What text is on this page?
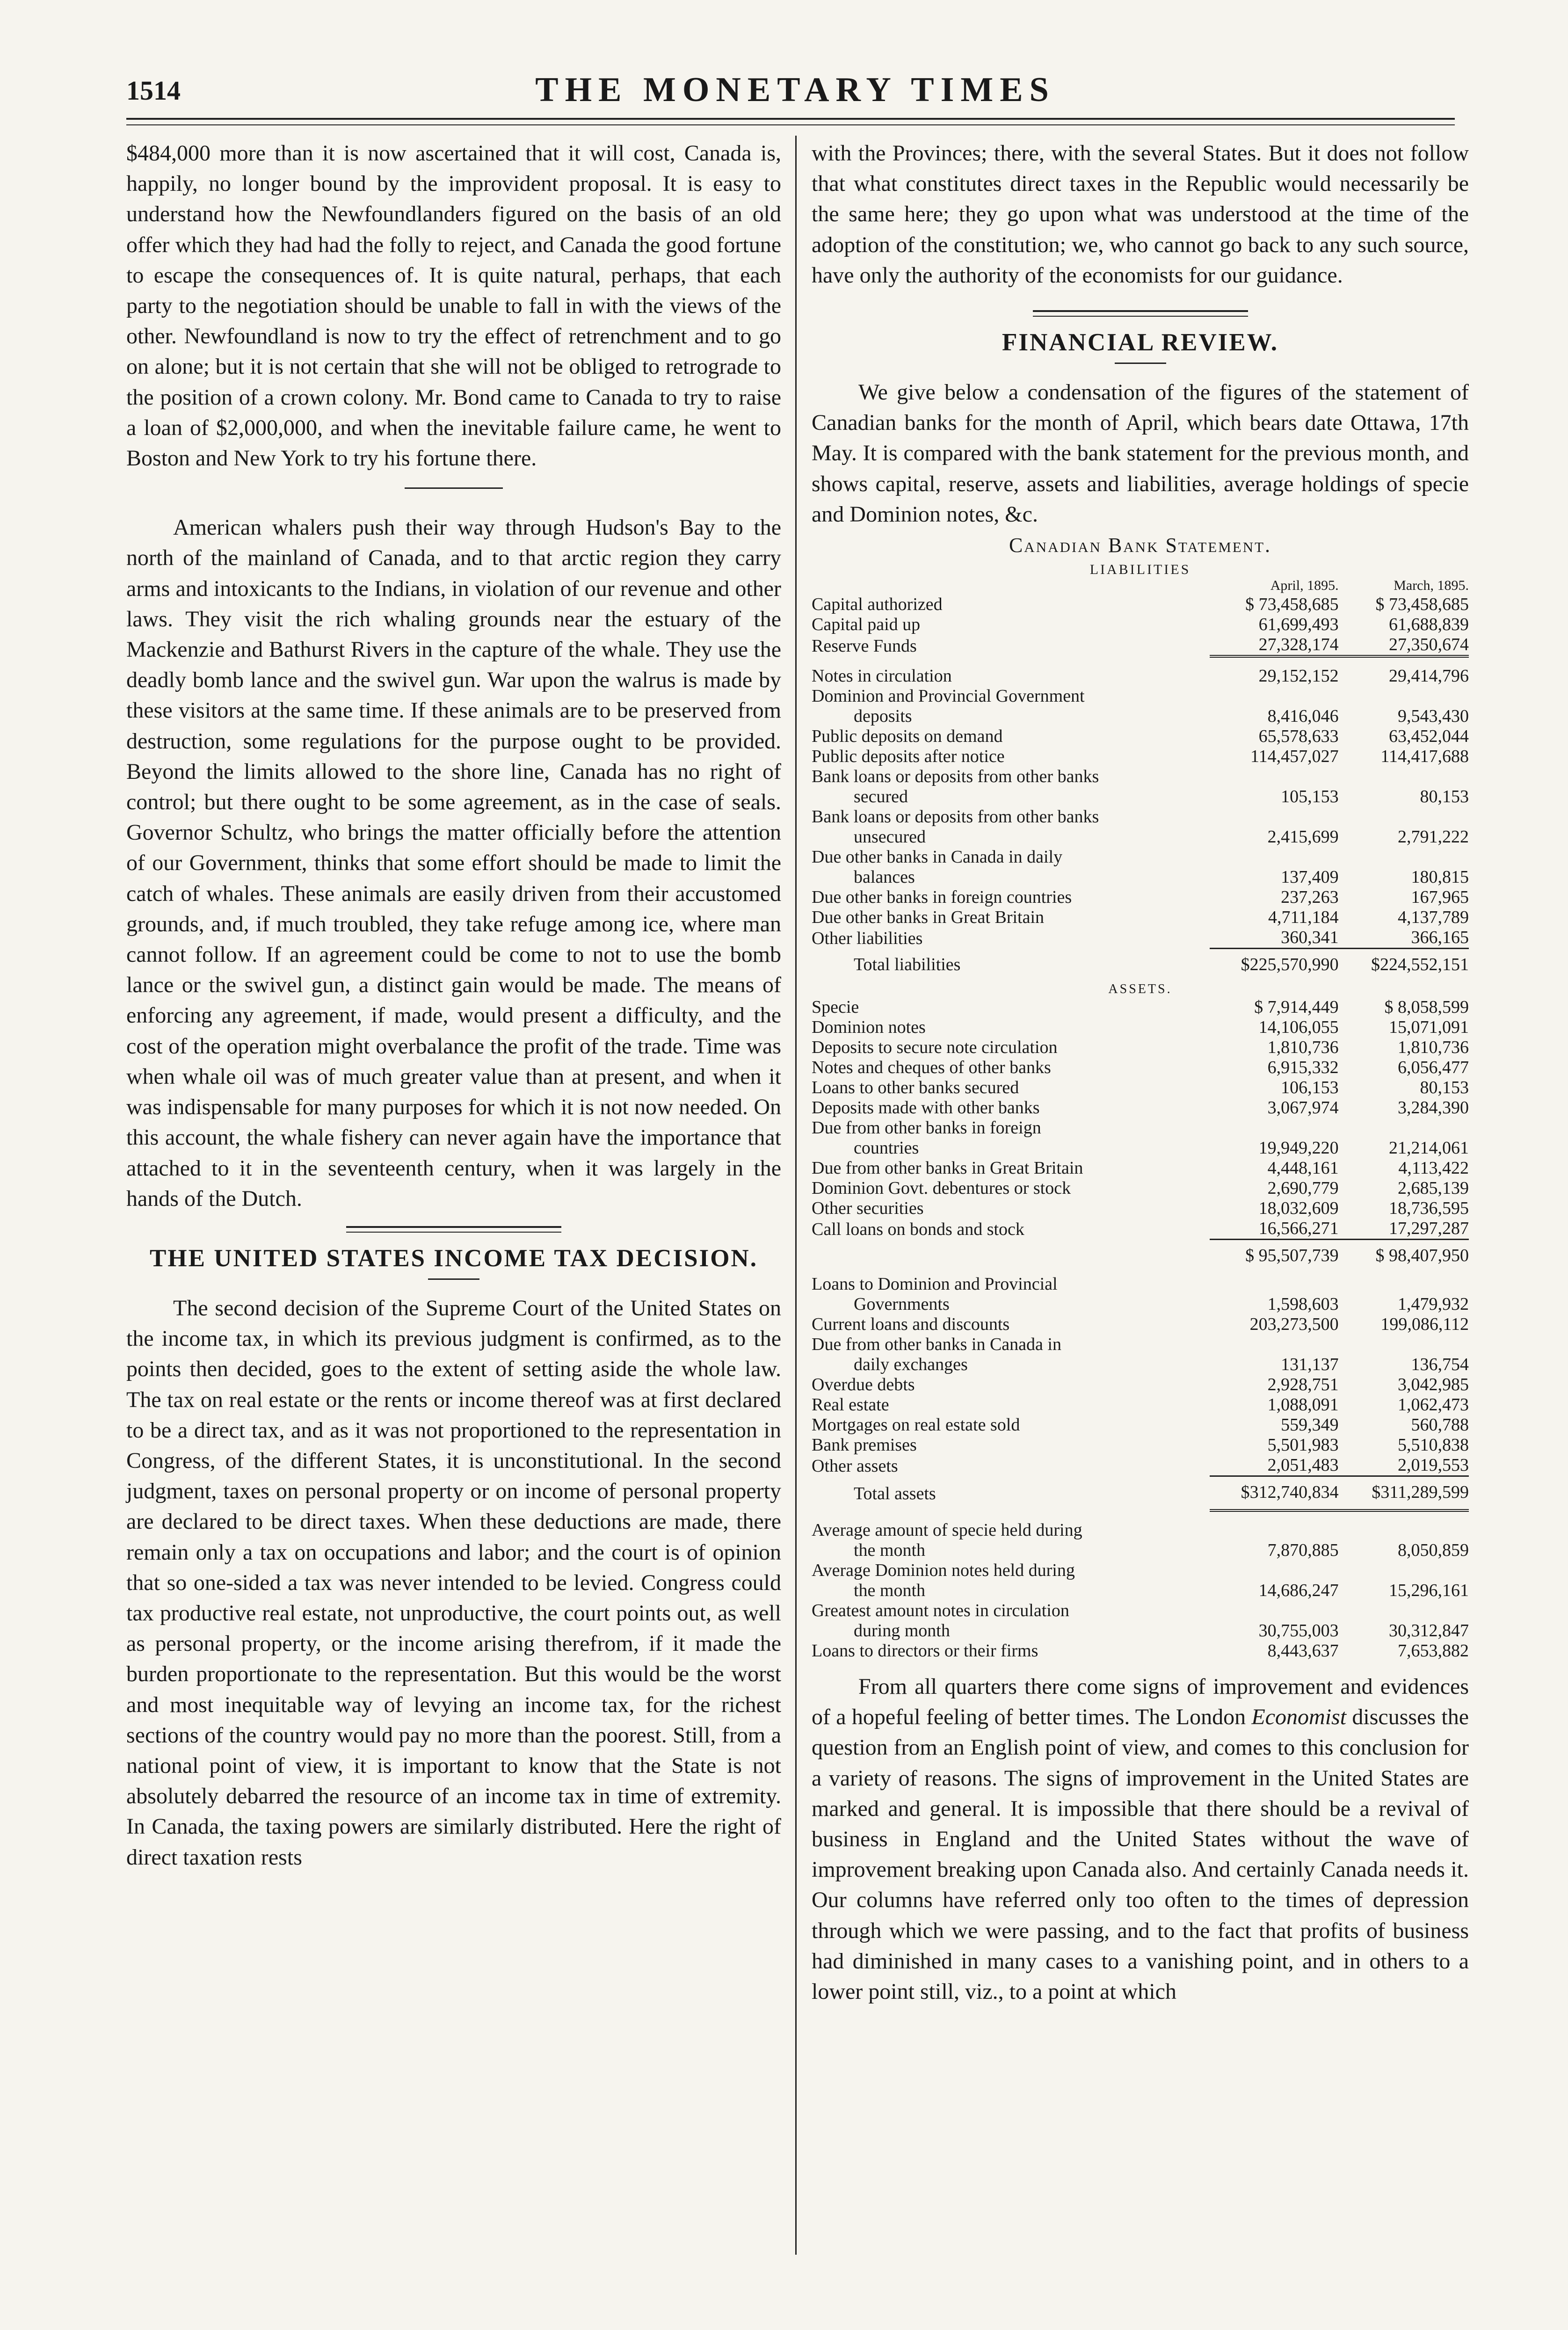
1514	THE MONETARY TIMES

$484,000 more than it is now ascertained that it will cost, Canada is, happily, no longer bound by the improvident proposal. It is easy to understand how the Newfoundlanders figured on the basis of an old offer which they had had the folly to reject, and Canada the good fortune to escape the consequences of. It is quite natural, perhaps, that each party to the negotiation should be unable to fall in with the views of the other. Newfoundland is now to try the effect of retrenchment and to go on alone; but it is not certain that she will not be obliged to retrograde to the position of a crown colony. Mr. Bond came to Canada to try to raise a loan of $2,000,000, and when the inevitable failure came, he went to Boston and New York to try his fortune there.

American whalers push their way through Hudson's Bay to the north of the mainland of Canada, and to that arctic region they carry arms and intoxicants to the Indians, in violation of our revenue and other laws. They visit the rich whaling grounds near the estuary of the Mackenzie and Bathurst Rivers in the capture of the whale. They use the deadly bomb lance and the swivel gun. War upon the walrus is made by these visitors at the same time. If these animals are to be preserved from destruction, some regulations for the purpose ought to be provided. Beyond the limits allowed to the shore line, Canada has no right of control; but there ought to be some agreement, as in the case of seals. Governor Schultz, who brings the matter officially before the attention of our Government, thinks that some effort should be made to limit the catch of whales. These animals are easily driven from their accustomed grounds, and, if much troubled, they take refuge among ice, where man cannot follow. If an agreement could be come to not to use the bomb lance or the swivel gun, a distinct gain would be made. The means of enforcing any agreement, if made, would present a difficulty, and the cost of the operation might overbalance the profit of the trade. Time was when whale oil was of much greater value than at present, and when it was indispensable for many purposes for which it is not now needed. On this account, the whale fishery can never again have the importance that attached to it in the seventeenth century, when it was largely in the hands of the Dutch.

THE UNITED STATES INCOME TAX DECISION.

The second decision of the Supreme Court of the United States on the income tax, in which its previous judgment is confirmed, as to the points then decided, goes to the extent of setting aside the whole law. The tax on real estate or the rents or income thereof was at first declared to be a direct tax, and as it was not proportioned to the representation in Congress, of the different States, it is unconstitutional. In the second judgment, taxes on personal property or on income of personal property are declared to be direct taxes. When these deductions are made, there remain only a tax on occupations and labor; and the court is of opinion that so one-sided a tax was never intended to be levied. Congress could tax productive real estate, not unproductive, the court points out, as well as personal property, or the income arising therefrom, if it made the burden proportionate to the representation. But this would be the worst and most inequitable way of levying an income tax, for the richest sections of the country would pay no more than the poorest. Still, from a national point of view, it is important to know that the State is not absolutely debarred the resource of an income tax in time of extremity. In Canada, the taxing powers are similarly distributed. Here the right of direct taxation rests

with the Provinces; there, with the several States. But it does not follow that what constitutes direct taxes in the Republic would necessarily be the same here; they go upon what was understood at the time of the adoption of the constitution; we, who cannot go back to any such source, have only the authority of the economists for our guidance.

FINANCIAL REVIEW.

We give below a condensation of the figures of the statement of Canadian banks for the month of April, which bears date Ottawa, 17th May. It is compared with the bank statement for the previous month, and shows capital, reserve, assets and liabilities, average holdings of specie and Dominion notes, &c.

Canadian Bank Statement.
LIABILITIES
	April, 1895.	March, 1895.
Capital authorized	$ 73,458,685	$ 73,458,685
Capital paid up	61,699,493	61,688,839
Reserve Funds	27,328,174	27,350,674

Notes in circulation	29,152,152	29,414,796
Dominion and Provincial Government
deposits	8,416,046	9,543,430
Public deposits on demand	65,578,633	63,452,044
Public deposits after notice	114,457,027	114,417,688
Bank loans or deposits from other banks
secured	105,153	80,153
Bank loans or deposits from other banks
unsecured	2,415,699	2,791,222
Due other banks in Canada in daily
balances	137,409	180,815
Due other banks in foreign countries	237,263	167,965
Due other banks in Great Britain	4,711,184	4,137,789
Other liabilities	360,341	366,165
Total liabilities	$225,570,990	$224,552,151
ASSETS.		
Specie	$ 7,914,449	$ 8,058,599
Dominion notes	14,106,055	15,071,091
Deposits to secure note circulation	1,810,736	1,810,736
Notes and cheques of other banks	6,915,332	6,056,477
Loans to other banks secured	106,153	80,153
Deposits made with other banks	3,067,974	3,284,390
Due from other banks in foreign
countries	19,949,220	21,214,061
Due from other banks in Great Britain	4,448,161	4,113,422
Dominion Govt. debentures or stock	2,690,779	2,685,139
Other securities	18,032,609	18,736,595
Call loans on bonds and stock	16,566,271	17,297,287
	$ 95,507,739	$ 98,407,950

Loans to Dominion and Provincial
Governments	1,598,603	1,479,932
Current loans and discounts	203,273,500	199,086,112
Due from other banks in Canada in
daily exchanges	131,137	136,754
Overdue debts	2,928,751	3,042,985
Real estate	1,088,091	1,062,473
Mortgages on real estate sold	559,349	560,788
Bank premises	5,501,983	5,510,838
Other assets	2,051,483	2,019,553
Total assets	$312,740,834	$311,289,599

Average amount of specie held during
the month	7,870,885	8,050,859
Average Dominion notes held during
the month	14,686,247	15,296,161
Greatest amount notes in circulation
during month	30,755,003	30,312,847
Loans to directors or their firms	8,443,637	7,653,882

From all quarters there come signs of improvement and evidences of a hopeful feeling of better times. The London Economist discusses the question from an English point of view, and comes to this conclusion for a variety of reasons. The signs of improvement in the United States are marked and general. It is impossible that there should be a revival of business in England and the United States without the wave of improvement breaking upon Canada also. And certainly Canada needs it. Our columns have referred only too often to the times of depression through which we were passing, and to the fact that profits of business had diminished in many cases to a vanishing point, and in others to a lower point still, viz., to a point at which
